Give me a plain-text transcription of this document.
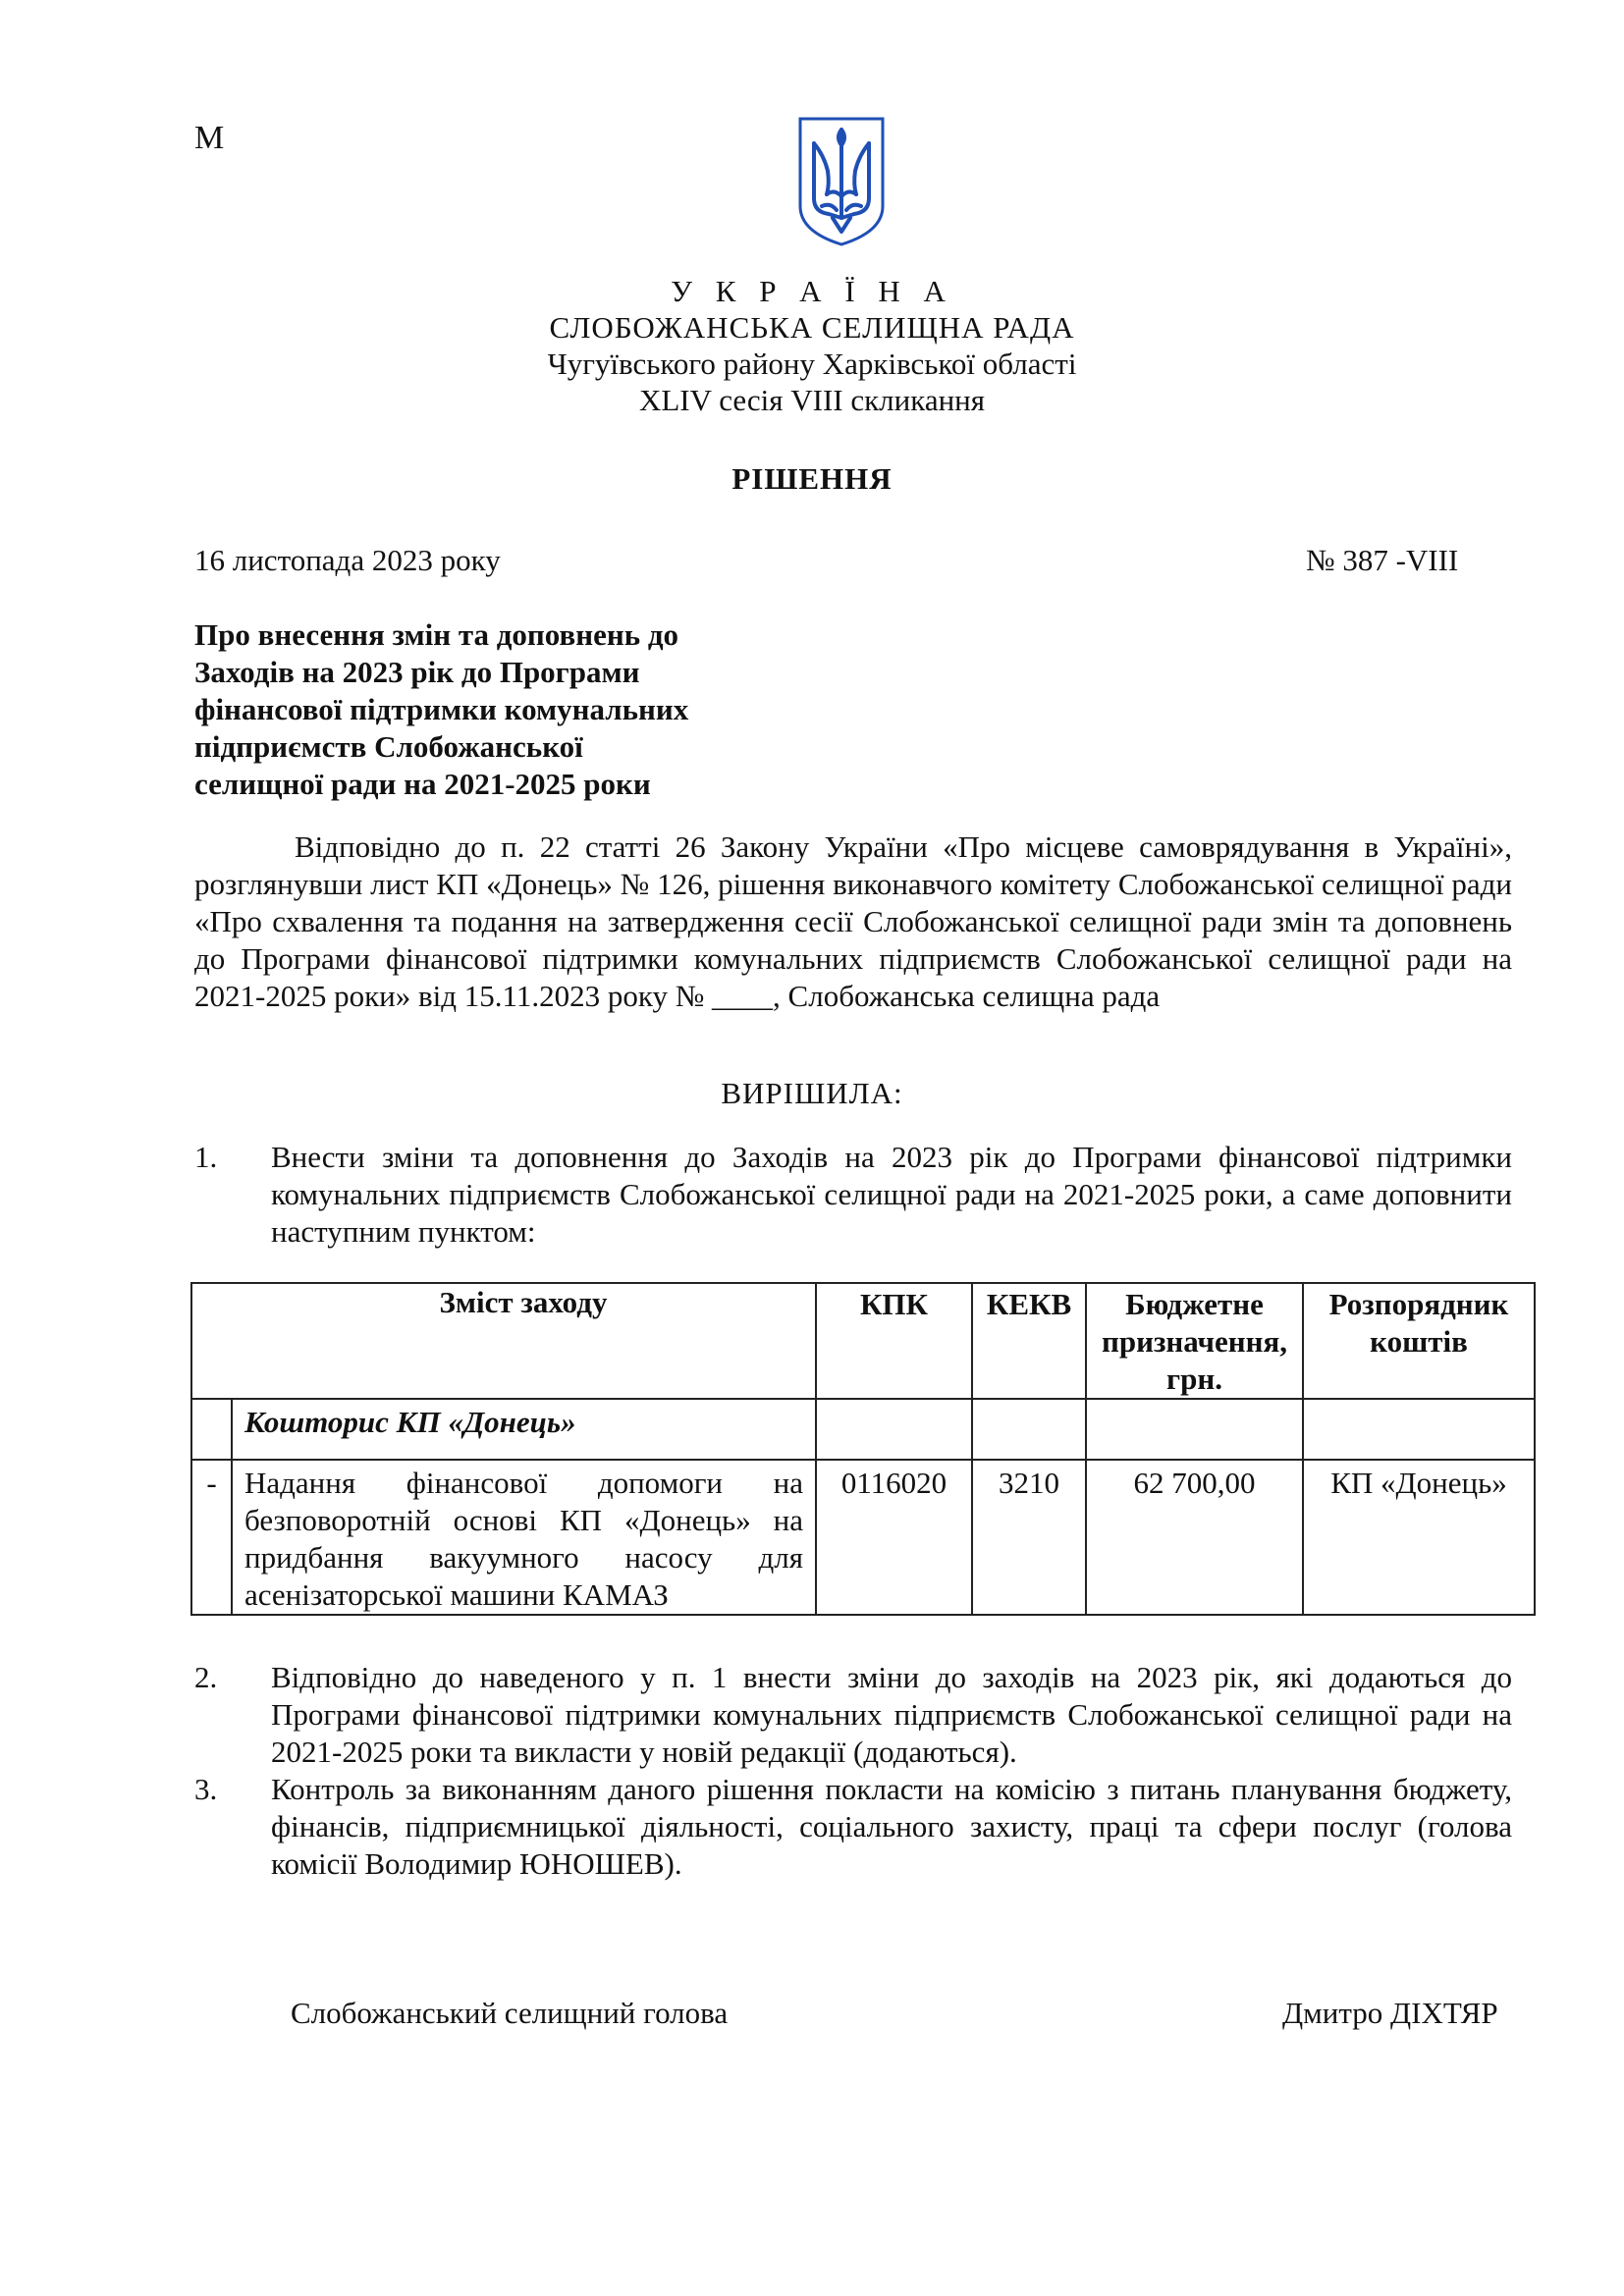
М
У К Р А Ї Н А
СЛОБОЖАНСЬКА СЕЛИЩНА РАДА
Чугуївського району Харківської області
XLIV сесія VIII скликання
РІШЕННЯ
16 листопада 2023 року	№ 387 -VIII
Про внесення змін та доповнень до
Заходів на 2023 рік до Програми
фінансової підтримки комунальних
підприємств Слобожанської
селищної ради на 2021-2025 роки

Відповідно до п. 22 статті 26 Закону України «Про місцеве самоврядування в Україні», розглянувши лист КП «Донець» № 126, рішення виконавчого комітету Слобожанської селищної ради «Про схвалення та подання на затвердження сесії Слобожанської селищної ради змін та доповнень до Програми фінансової підтримки комунальних підприємств Слобожанської селищної ради на 2021-2025 роки» від 15.11.2023 року № ____, Слобожанська селищна рада

ВИРІШИЛА:
1. Внести зміни та доповнення до Заходів на 2023 рік до Програми фінансової підтримки комунальних підприємств Слобожанської селищної ради на 2021-2025 роки, а саме доповнити наступним пунктом:
	Зміст заходу	КПК	КЕКВ	Бюджетне призначення, грн.	Розпорядник коштів
	Кошторис КП «Донець»				
-	Надання фінансової допомоги на безповоротній основі КП «Донець» на придбання вакуумного насосу для асенізаторської машини КАМАЗ	0116020	3210	62 700,00	КП «Донець»
2. Відповідно до наведеного у п. 1 внести зміни до заходів на 2023 рік, які додаються до Програми фінансової підтримки комунальних підприємств Слобожанської селищної ради на 2021-2025 роки та викласти у новій редакції (додаються).
3. Контроль за виконанням даного рішення покласти на комісію з питань планування бюджету, фінансів, підприємницької діяльності, соціального захисту, праці та сфери послуг (голова комісії Володимир ЮНОШЕВ).
Слобожанський селищний голова	Дмитро ДІХТЯР
